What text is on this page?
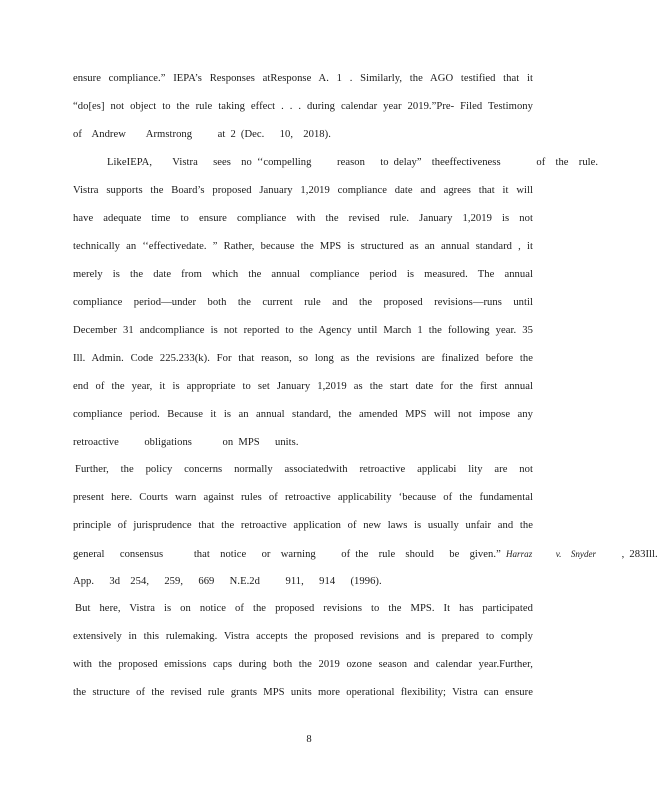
ensure compliance.” IEPA’s Responses atResponse A. 1 . Similarly, the AGO testified that it
“do[es] not object to the rule taking effect . . . during calendar year 2019.”Pre- Filed Testimony
of  Andrew    Armstrong     at 2 (Dec.   10,  2018).
LikeIEPA,    Vistra   sees  no ‘‘compelling     reason   to delay”  theeffectiveness       of  the  rule.
Vistra supports the Board’s proposed January 1,2019 compliance date and agrees that it will
have adequate time to ensure compliance with the revised rule. January 1,2019 is not
technically an ‘‘effectivedate. ” Rather, because the MPS is structured as an annual standard , it
merely is the date from which the annual compliance period is measured. The annual
compliance period—under both the current rule and the proposed revisions—runs until
December 31 andcompliance is not reported to the Agency until March 1 the following year. 35
Ill. Admin. Code 225.233(k). For that reason, so long as the revisions are finalized before the
end of the year, it is appropriate to set January 1,2019 as the start date for the first annual
compliance period. Because it is an annual standard, the amended MPS will not impose any
retroactive     obligations      on MPS   units.
Further, the policy concerns normally associatedwith retroactive applicabi lity are not
present here. Courts warn against rules of retroactive applicability ‘because of the fundamental
principle of jurisprudence that the retroactive application of new laws is usually unfair and the
general   consensus      that  notice   or  warning     of the  rule  should   be  given.” Harraz     v.  Snyder     , 283Ill.
App.   3d  254,   259,   669   N.E.2d     911,   914   (1996).
But here, Vistra is on notice of the proposed revisions to the MPS. It has participated
extensively in this rulemaking. Vistra accepts the proposed revisions and is prepared to comply
with the proposed emissions caps during both the 2019 ozone season and calendar year.Further,
the structure of the revised rule grants MPS units more operational flexibility; Vistra can ensure
8
